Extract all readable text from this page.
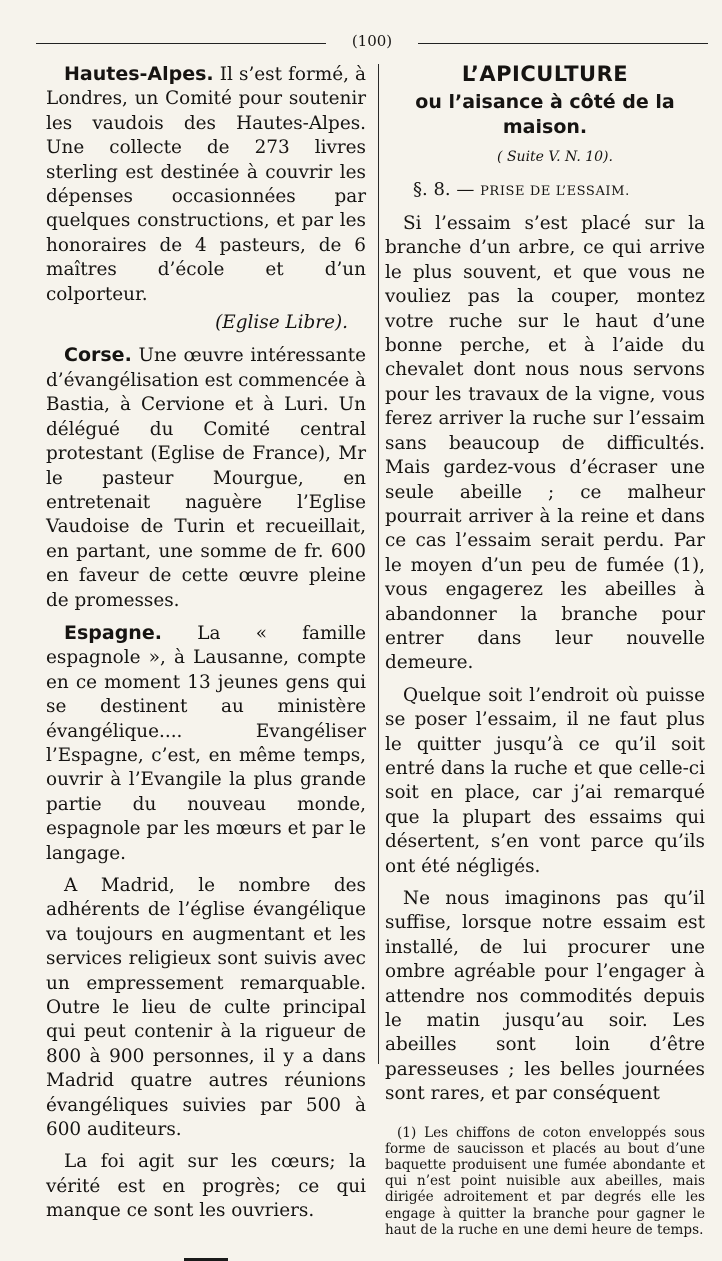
(100)

Hautes-Alpes. Il s’est formé, à Londres, un Comité pour soutenir les vaudois des Hautes-Alpes. Une collecte de 273 livres sterling est destinée à couvrir les dépenses occasionnées par quelques constructions, et par les honoraires de 4 pasteurs, de 6 maîtres d’école et d’un colporteur.

(Eglise Libre).

Corse. Une œuvre intéressante d’évangélisation est commencée à Bastia, à Cervione et à Luri. Un délégué du Comité central protestant (Eglise de France), Mr le pasteur Mourgue, en entretenait naguère l’Eglise Vaudoise de Turin et recueillait, en partant, une somme de fr. 600 en faveur de cette œuvre pleine de promesses.

Espagne. La « famille espagnole », à Lausanne, compte en ce moment 13 jeunes gens qui se destinent au ministère évangélique.... Evangéliser l’Espagne, c’est, en même temps, ouvrir à l’Evangile la plus grande partie du nouveau monde, espagnole par les mœurs et par le langage.

A Madrid, le nombre des adhérents de l’église évangélique va toujours en augmentant et les services religieux sont suivis avec un empressement remarquable. Outre le lieu de culte principal qui peut contenir à la rigueur de 800 à 900 personnes, il y a dans Madrid quatre autres réunions évangéliques suivies par 500 à 600 auditeurs.

La foi agit sur les cœurs; la vérité est en progrès; ce qui manque ce sont les ouvriers.

L’APICULTURE
ou l’aisance à côté de la maison.
( Suite V. N. 10).
§. 8. — PRISE DE L’ESSAIM.

Si l’essaim s’est placé sur la branche d’un arbre, ce qui arrive le plus souvent, et que vous ne vouliez pas la couper, montez votre ruche sur le haut d’une bonne perche, et à l’aide du chevalet dont nous nous servons pour les travaux de la vigne, vous ferez arriver la ruche sur l’essaim sans beaucoup de difficultés. Mais gardez-vous d’écraser une seule abeille ; ce malheur pourrait arriver à la reine et dans ce cas l’essaim serait perdu. Par le moyen d’un peu de fumée (1), vous engagerez les abeilles à abandonner la branche pour entrer dans leur nouvelle demeure.

Quelque soit l’endroit où puisse se poser l’essaim, il ne faut plus le quitter jusqu’à ce qu’il soit entré dans la ruche et que celle-ci soit en place, car j’ai remarqué que la plupart des essaims qui désertent, s’en vont parce qu’ils ont été négligés.

Ne nous imaginons pas qu’il suffise, lorsque notre essaim est installé, de lui procurer une ombre agréable pour l’engager à attendre nos commodités depuis le matin jusqu’au soir. Les abeilles sont loin d’être paresseuses ; les belles journées sont rares, et par conséquent

(1) Les chiffons de coton enveloppés sous forme de saucisson et placés au bout d’une baquette produisent une fumée abondante et qui n’est point nuisible aux abeilles, mais dirigée adroitement et par degrés elle les engage à quitter la branche pour gagner le haut de la ruche en une demi heure de temps.
